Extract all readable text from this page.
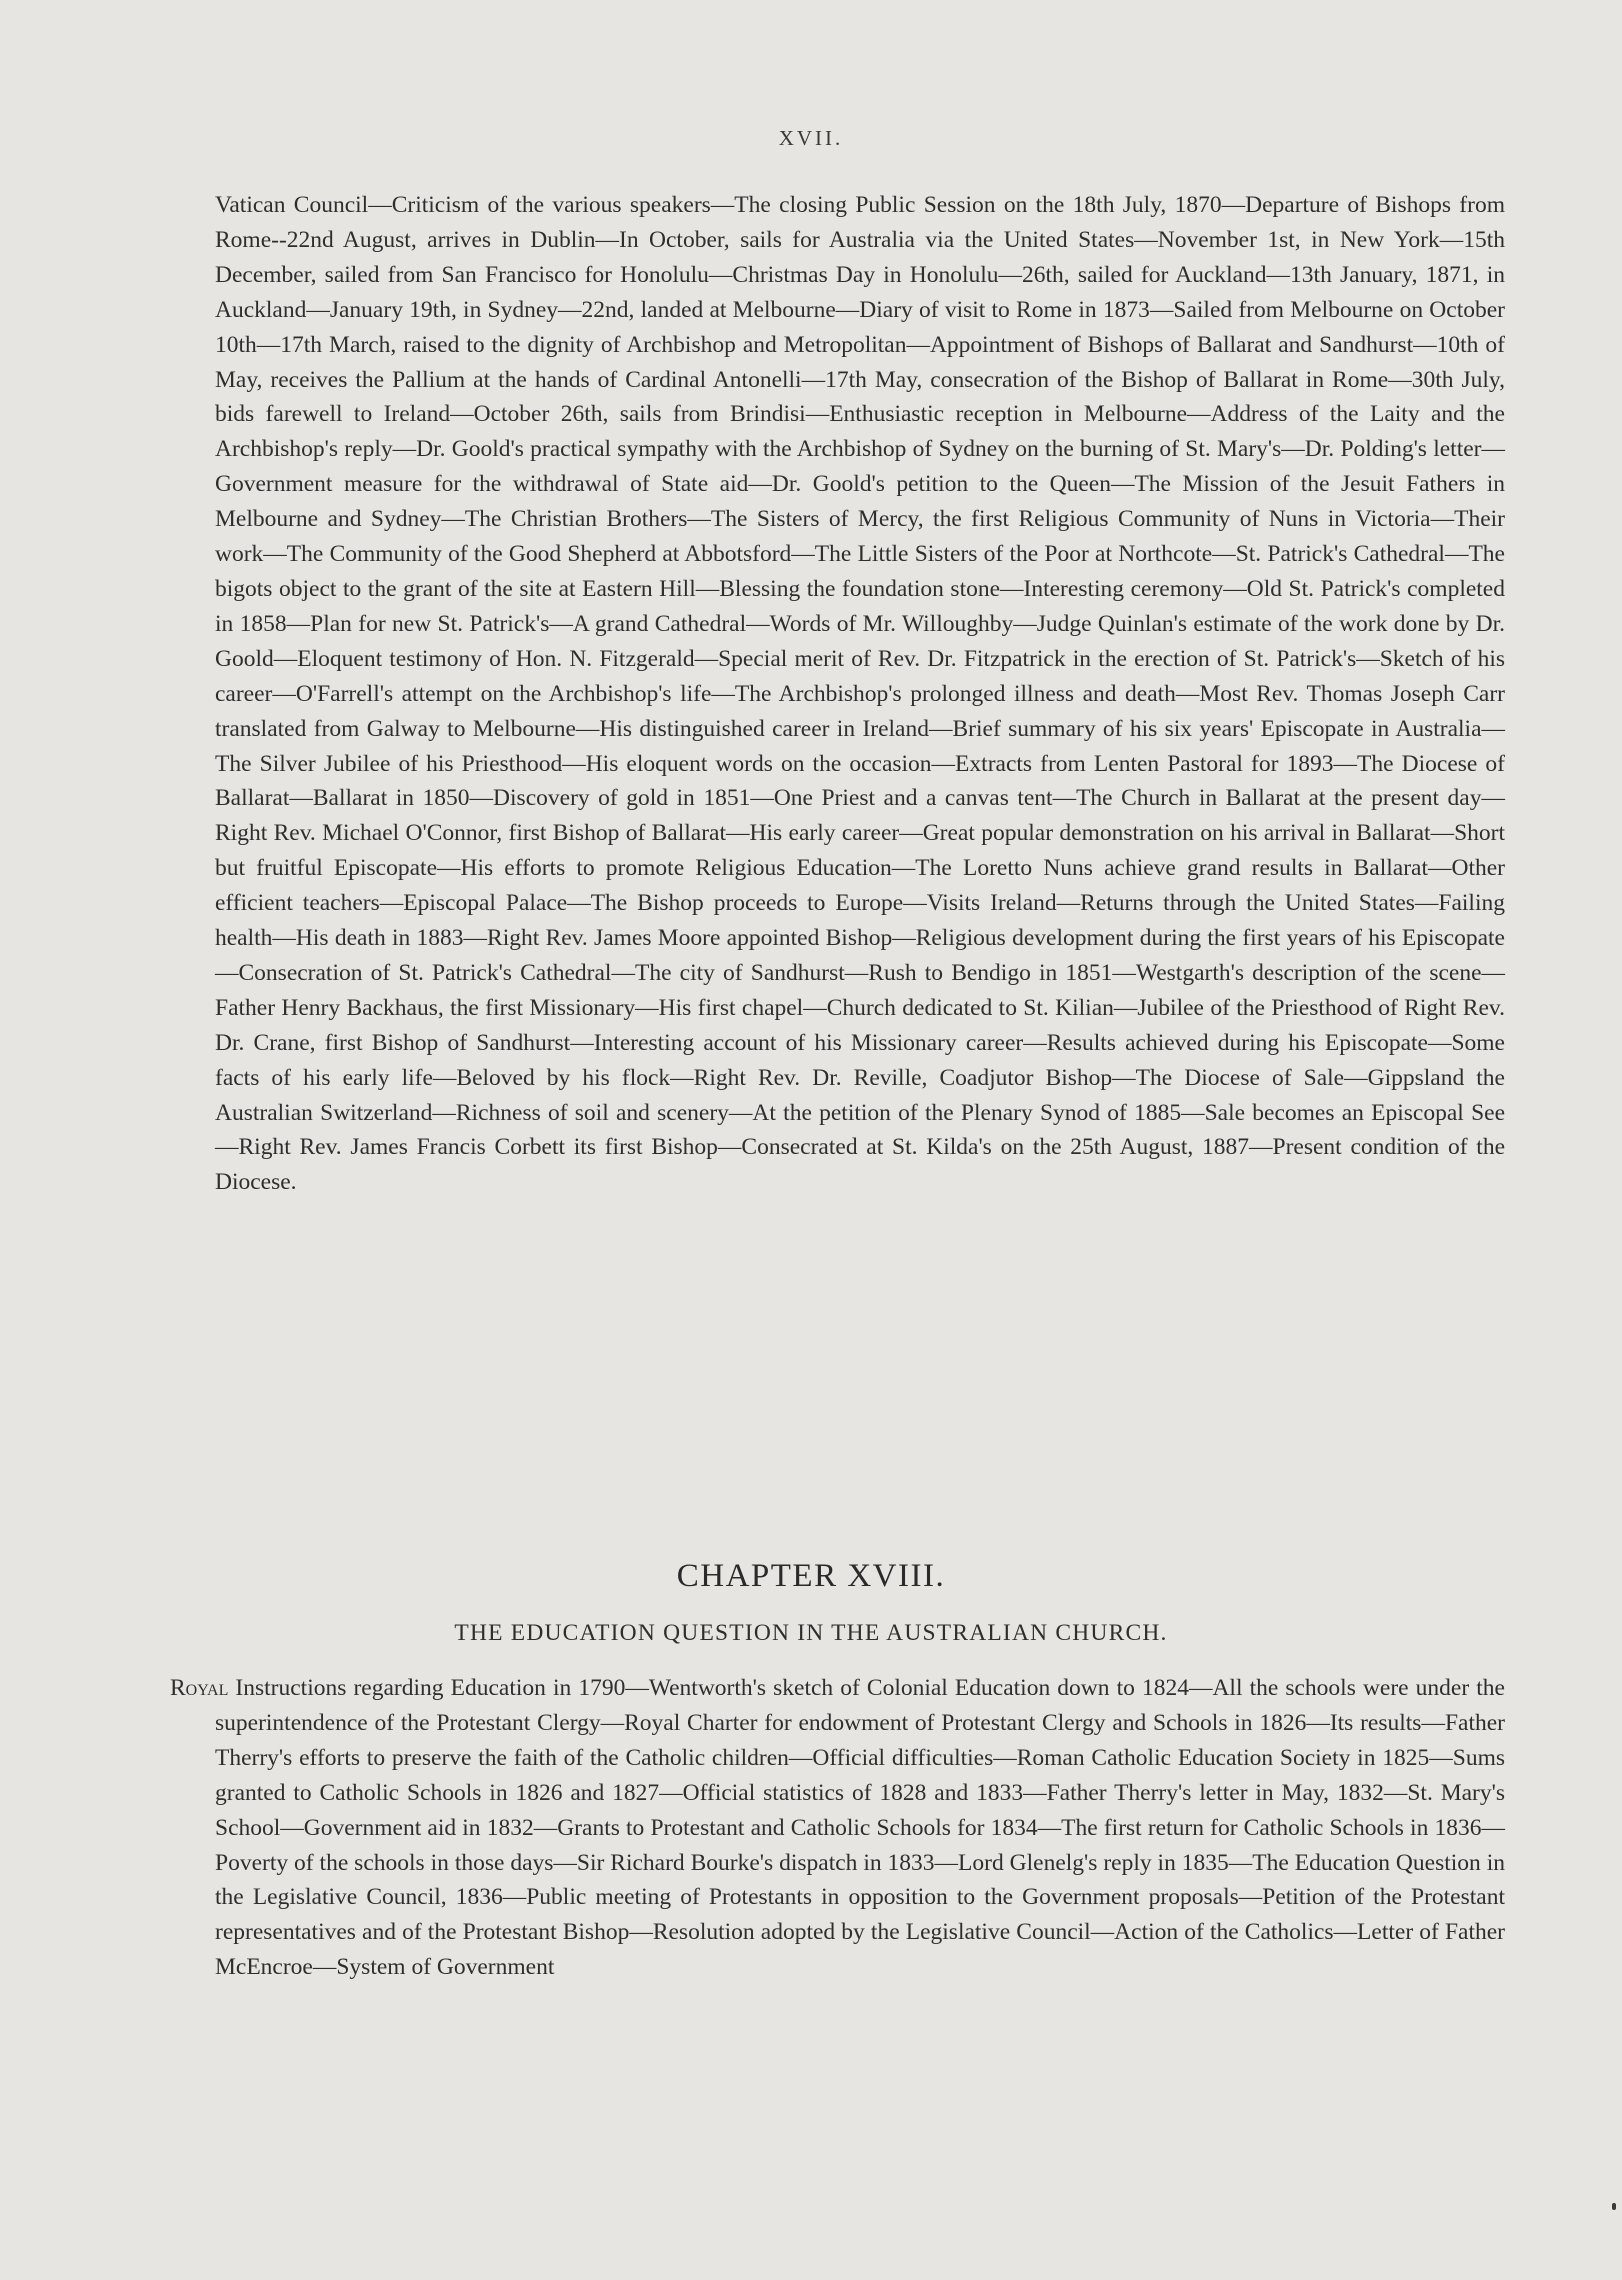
XVII.

Vatican Council—Criticism of the various speakers—The closing Public Session on the 18th July, 1870—Departure of Bishops from Rome--22nd August, arrives in Dublin—In October, sails for Australia via the United States—November 1st, in New York—15th December, sailed from San Francisco for Honolulu—Christmas Day in Honolulu—26th, sailed for Auckland—13th January, 1871, in Auckland—January 19th, in Sydney—22nd, landed at Melbourne—Diary of visit to Rome in 1873—Sailed from Melbourne on October 10th—17th March, raised to the dignity of Archbishop and Metropolitan—Appointment of Bishops of Ballarat and Sandhurst—10th of May, receives the Pallium at the hands of Cardinal Antonelli—17th May, consecration of the Bishop of Ballarat in Rome—30th July, bids farewell to Ireland—October 26th, sails from Brindisi—Enthusiastic reception in Melbourne—Address of the Laity and the Archbishop's reply—Dr. Goold's practical sympathy with the Archbishop of Sydney on the burning of St. Mary's—Dr. Polding's letter—Government measure for the withdrawal of State aid—Dr. Goold's petition to the Queen—The Mission of the Jesuit Fathers in Melbourne and Sydney—The Christian Brothers—The Sisters of Mercy, the first Religious Community of Nuns in Victoria—Their work—The Community of the Good Shepherd at Abbotsford—The Little Sisters of the Poor at Northcote—St. Patrick's Cathedral—The bigots object to the grant of the site at Eastern Hill—Blessing the foundation stone—Interesting ceremony—Old St. Patrick's completed in 1858—Plan for new St. Patrick's—A grand Cathedral—Words of Mr. Willoughby—Judge Quinlan's estimate of the work done by Dr. Goold—Eloquent testimony of Hon. N. Fitzgerald—Special merit of Rev. Dr. Fitzpatrick in the erection of St. Patrick's—Sketch of his career—O'Farrell's attempt on the Archbishop's life—The Archbishop's prolonged illness and death—Most Rev. Thomas Joseph Carr translated from Galway to Melbourne—His distinguished career in Ireland—Brief summary of his six years' Episcopate in Australia—The Silver Jubilee of his Priesthood—His eloquent words on the occasion—Extracts from Lenten Pastoral for 1893—The Diocese of Ballarat—Ballarat in 1850—Discovery of gold in 1851—One Priest and a canvas tent—The Church in Ballarat at the present day—Right Rev. Michael O'Connor, first Bishop of Ballarat—His early career—Great popular demonstration on his arrival in Ballarat—Short but fruitful Episcopate—His efforts to promote Religious Education—The Loretto Nuns achieve grand results in Ballarat—Other efficient teachers—Episcopal Palace—The Bishop proceeds to Europe—Visits Ireland—Returns through the United States—Failing health—His death in 1883—Right Rev. James Moore appointed Bishop—Religious development during the first years of his Episcopate—Consecration of St. Patrick's Cathedral—The city of Sandhurst—Rush to Bendigo in 1851—Westgarth's description of the scene—Father Henry Backhaus, the first Missionary—His first chapel—Church dedicated to St. Kilian—Jubilee of the Priesthood of Right Rev. Dr. Crane, first Bishop of Sandhurst—Interesting account of his Missionary career—Results achieved during his Episcopate—Some facts of his early life—Beloved by his flock—Right Rev. Dr. Reville, Coadjutor Bishop—The Diocese of Sale—Gippsland the Australian Switzerland—Richness of soil and scenery—At the petition of the Plenary Synod of 1885—Sale becomes an Episcopal See—Right Rev. James Francis Corbett its first Bishop—Consecrated at St. Kilda's on the 25th August, 1887—Present condition of the Diocese.

CHAPTER XVIII.
THE EDUCATION QUESTION IN THE AUSTRALIAN CHURCH.

Royal Instructions regarding Education in 1790—Wentworth's sketch of Colonial Education down to 1824—All the schools were under the superintendence of the Protestant Clergy—Royal Charter for endowment of Protestant Clergy and Schools in 1826—Its results—Father Therry's efforts to preserve the faith of the Catholic children—Official difficulties—Roman Catholic Education Society in 1825—Sums granted to Catholic Schools in 1826 and 1827—Official statistics of 1828 and 1833—Father Therry's letter in May, 1832—St. Mary's School—Government aid in 1832—Grants to Protestant and Catholic Schools for 1834—The first return for Catholic Schools in 1836—Poverty of the schools in those days—Sir Richard Bourke's dispatch in 1833—Lord Glenelg's reply in 1835—The Education Question in the Legislative Council, 1836—Public meeting of Protestants in opposition to the Government proposals—Petition of the Protestant representatives and of the Protestant Bishop—Resolution adopted by the Legislative Council—Action of the Catholics—Letter of Father McEncroe—System of Government
